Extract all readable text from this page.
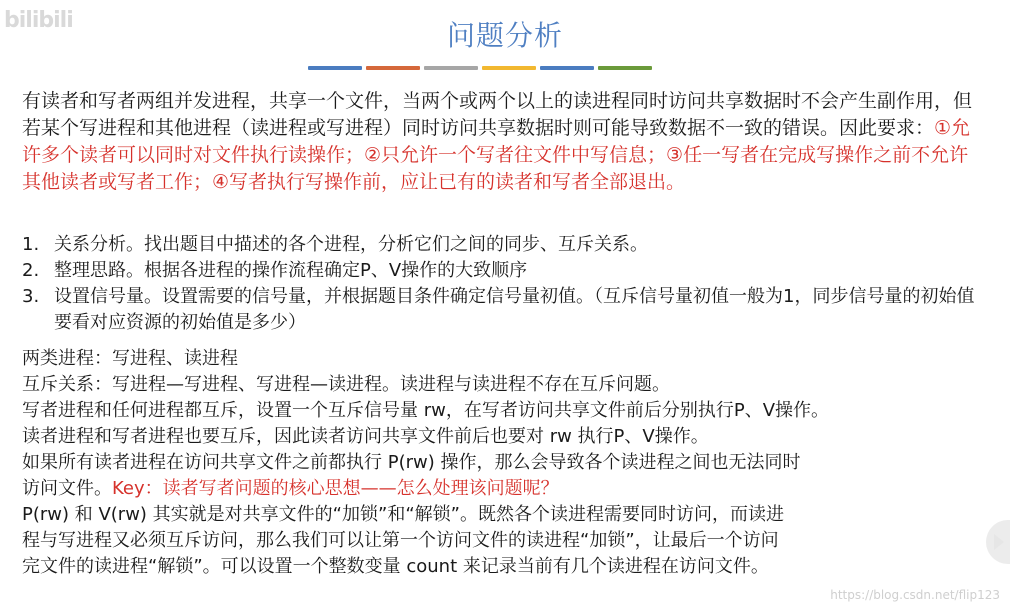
bilibili	问题分析
有读者和写者两组并发进程，共享一个文件，当两个或两个以上的读进程同时访问共享数据时不会产生副作用，但若某个写进程和其他进程（读进程或写进程）同时访问共享数据时则可能导致数据不一致的错误。因此要求：①允许多个读者可以同时对文件执行读操作；②只允许一个写者往文件中写信息；③任一写者在完成写操作之前不允许其他读者或写者工作；④写者执行写操作前，应让已有的读者和写者全部退出。
1. 关系分析。找出题目中描述的各个进程，分析它们之间的同步、互斥关系。
2. 整理思路。根据各进程的操作流程确定P、V操作的大致顺序
3. 设置信号量。设置需要的信号量，并根据题目条件确定信号量初值。（互斥信号量初值一般为1，同步信号量的初始值要看对应资源的初始值是多少）
两类进程：写进程、读进程
互斥关系：写进程—写进程、写进程—读进程。读进程与读进程不存在互斥问题。
写者进程和任何进程都互斥，设置一个互斥信号量 rw，在写者访问共享文件前后分别执行P、V操作。
读者进程和写者进程也要互斥，因此读者访问共享文件前后也要对 rw 执行P、V操作。
如果所有读者进程在访问共享文件之前都执行 P(rw) 操作，那么会导致各个读进程之间也无法同时
访问文件。Key：读者写者问题的核心思想——怎么处理该问题呢？
P(rw) 和 V(rw) 其实就是对共享文件的“加锁”和“解锁”。既然各个读进程需要同时访问，而读进
程与写进程又必须互斥访问，那么我们可以让第一个访问文件的读进程“加锁”，让最后一个访问
完文件的读进程“解锁”。可以设置一个整数变量 count 来记录当前有几个读进程在访问文件。
https://blog.csdn.net/flip123
